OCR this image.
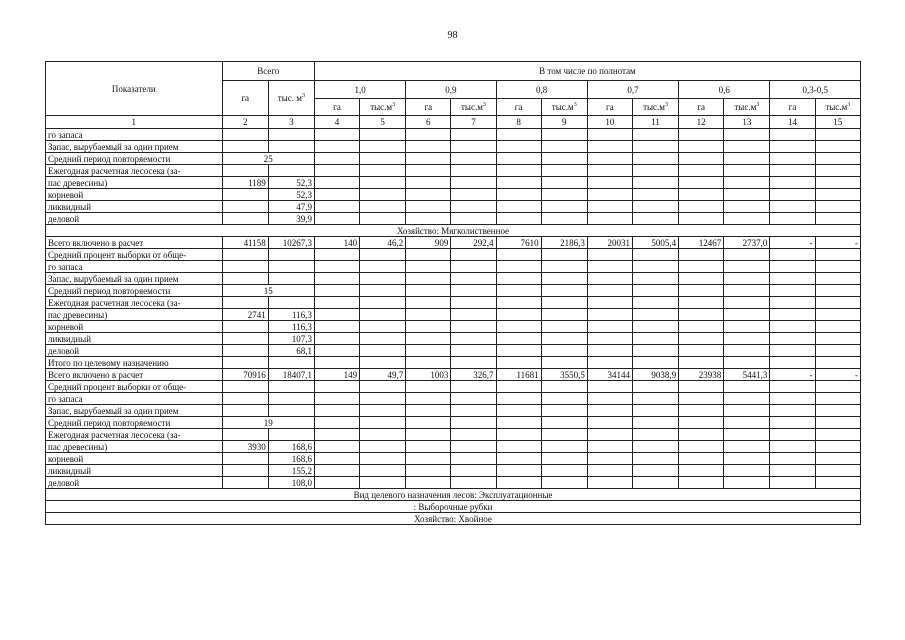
98
Показатели	Всего		В том числе по полнотам											
	га	тыс. $м^3$	1,0		0,9		0,8		0,7		0,6		0,3-0,5	
			га	$тыс.м^3$	га	$тыс.м^3$	га	$тыс.м^3$	га	$тыс.м^3$	га	$тыс.м^3$	га	$тыс.м^3$
1	2	3	4	5	6	7	8	9	10	11	12	13	14	15
го запаса														
Запас, вырубаемый за один прием														
Средний период повторяемости	25													
Ежегодная расчетная лесосека (за-														
пас древесины)	1189	52,3												
корневой		52,3												
ликвидный		47,9												
деловой		39,9												
Хозяйство: Мягколиственное														
Всего включено в расчет	41158	10267,3	140	46,2	909	292,4	7610	2186,3	20031	5005,4	12467	2737,0	-	-
Средний процент выборки от обще-														
го запаса														
Запас, вырубаемый за один прием														
Средний период повторяемости	15													
Ежегодная расчетная лесосека (за-														
пас древесины)	2741	116,3												
корневой		116,3												
ликвидный		107,3												
деловой		68,1												
Итого по целевому назначению														
Всего включено в расчет	70916	18407,1	149	49,7	1003	326,7	11681	3550,5	34144	9038,9	23938	5441,3	-	-
Средний процент выборки от обще-														
го запаса														
Запас, вырубаемый за один прием														
Средний период повторяемости	19													
Ежегодная расчетная лесосека (за-														
пас древесины)	3930	168,6												
корневой		168,6												
ликвидный		155,2												
деловой		108,0												
Вид целевого назначения лесов: Эксплуатационные														
: Выборочные рубки														
Хозяйство: Хвойное														
